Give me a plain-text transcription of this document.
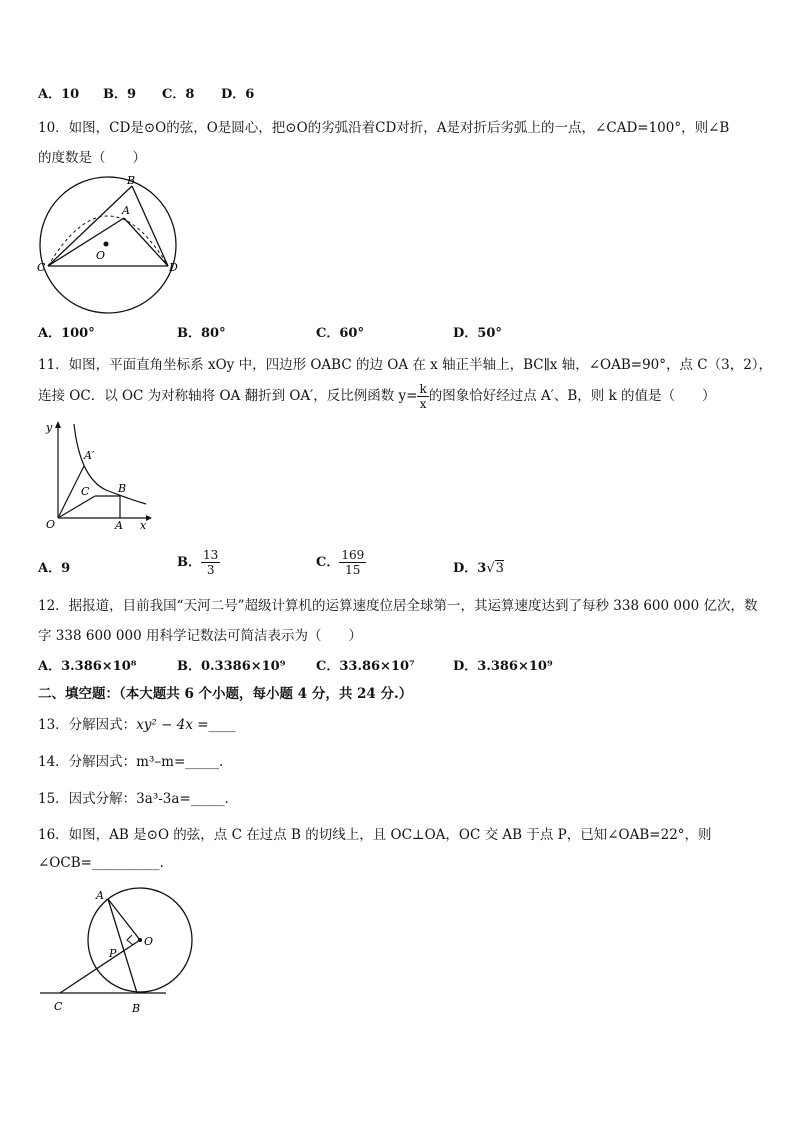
A．10 B．9 C．8 D．6
10．如图，CD是⊙O的弦，O是圆心，把⊙O的劣弧沿着CD对折，A是对折后劣弧上的一点，∠CAD=100°，则∠B
的度数是（　　）
B
A
O
C	D
A．100°	B．80°	C．60°	D．50°
11．如图，平面直角坐标系 xOy 中，四边形 OABC 的边 OA 在 x 轴正半轴上，BC∥x 轴，∠OAB=90°，点 C（3，2），
连接 OC．以 OC 为对称轴将 OA 翻折到 OA′，反比例函数 $y= \frac{k}{x}$ 的图象恰好经过点 A′、B，则 k 的值是（　　）
y
A′
C	B
O	A x
A．9	B． $\frac{13}{3}$	C． $\frac{169}{15}$	D．3√3
12．据报道，目前我国“天河二号”超级计算机的运算速度位居全球第一，其运算速度达到了每秒 338 600 000 亿次，数
字 338 600 000 用科学记数法可简洁表示为（　　）
A．3.386×10⁸	B．0.3386×10⁹ C．33.86×10⁷	D．3.386×10⁹
二、填空题：（本大题共 6 个小题，每小题 4 分，共 24 分.）
13．分解因式：xy² − 4x =____
14．分解因式：m³–m=_____.
15．因式分解：3a³-3a=_____.
16．如图，AB 是⊙O 的弦，点 C 在过点 B 的切线上，且 OC⊥OA，OC 交 AB 于点 P，已知∠OAB=22°，则
∠OCB=__________.
A
O
P
C	B
